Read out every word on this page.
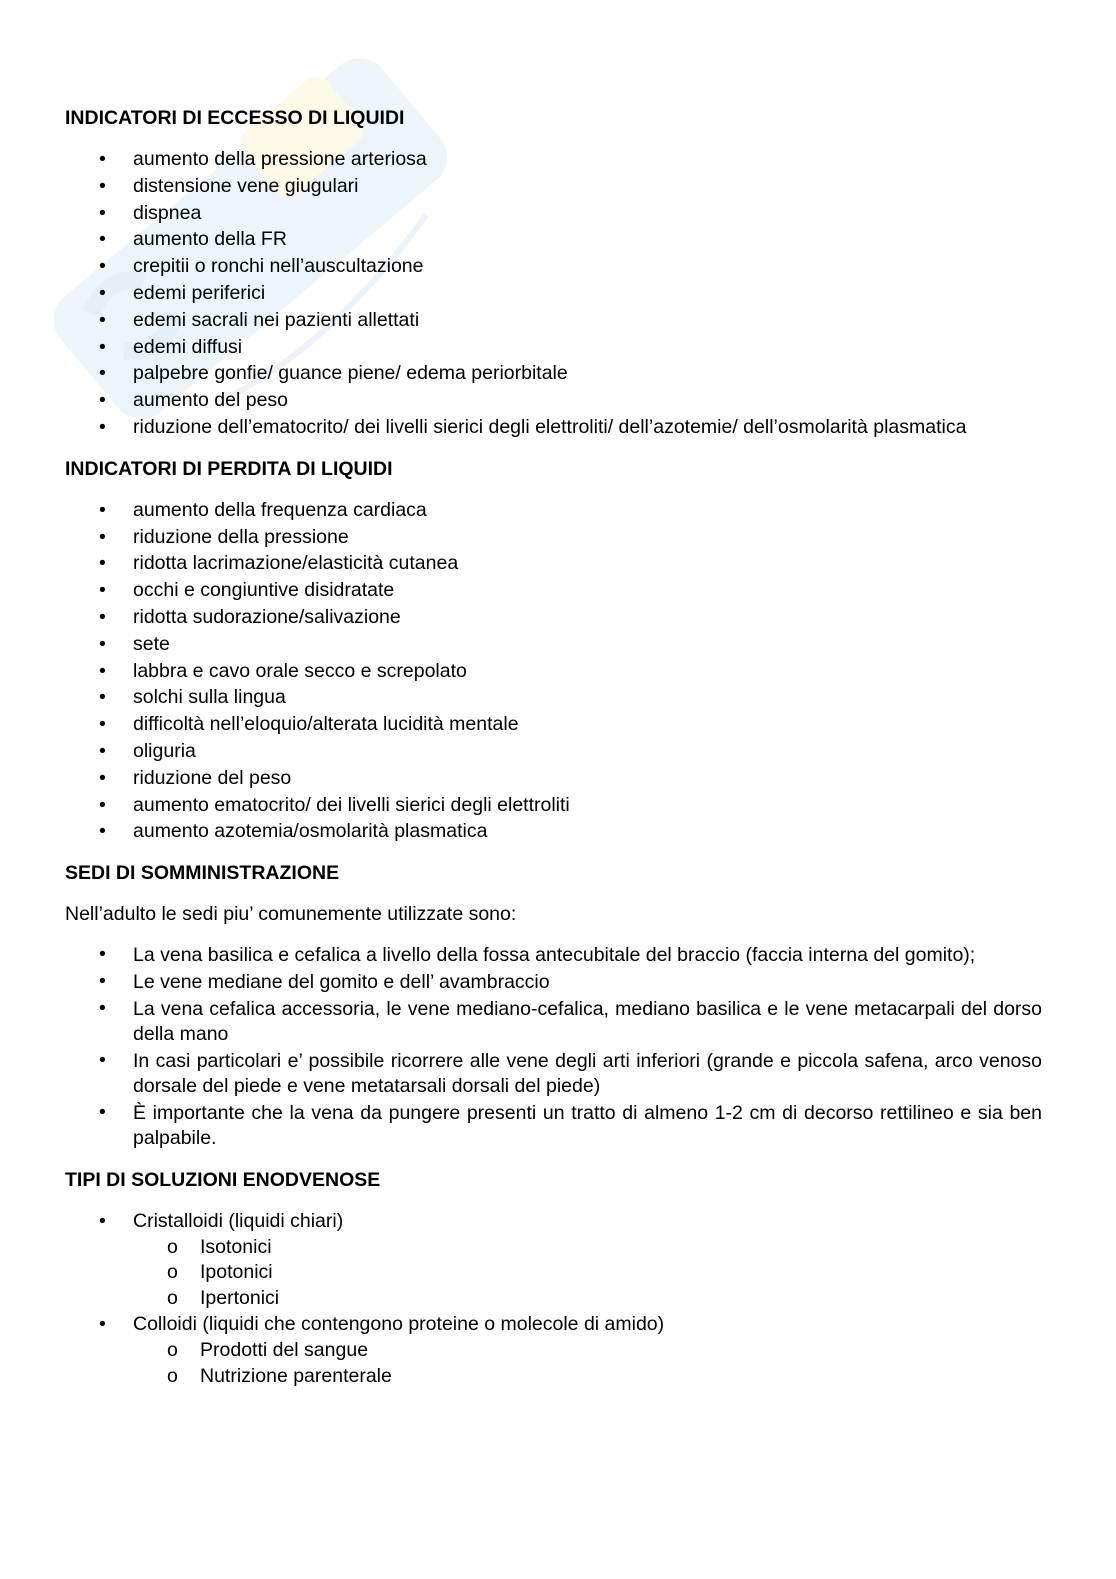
INDICATORI DI ECCESSO DI LIQUIDI
• aumento della pressione arteriosa
• distensione vene giugulari
• dispnea
• aumento della FR
• crepitii o ronchi nell’auscultazione
• edemi periferici
• edemi sacrali nei pazienti allettati
• edemi diffusi
• palpebre gonfie/ guance piene/ edema periorbitale
• aumento del peso
• riduzione dell’ematocrito/ dei livelli sierici degli elettroliti/ dell’azotemie/ dell’osmolarità plasmatica
INDICATORI DI PERDITA DI LIQUIDI
• aumento della frequenza cardiaca
• riduzione della pressione
• ridotta lacrimazione/elasticità cutanea
• occhi e congiuntive disidratate
• ridotta sudorazione/salivazione
• sete
• labbra e cavo orale secco e screpolato
• solchi sulla lingua
• difficoltà nell’eloquio/alterata lucidità mentale
• oliguria
• riduzione del peso
• aumento ematocrito/ dei livelli sierici degli elettroliti
• aumento azotemia/osmolarità plasmatica
SEDI DI SOMMINISTRAZIONE

Nell’adulto le sedi piu’ comunemente utilizzate sono:

• La vena basilica e cefalica a livello della fossa antecubitale del braccio (faccia interna del gomito);
• Le vene mediane del gomito e dell’ avambraccio
• La vena cefalica accessoria, le vene mediano-cefalica, mediano basilica e le vene metacarpali del dorso della mano
• In casi particolari e’ possibile ricorrere alle vene degli arti inferiori (grande e piccola safena, arco venoso dorsale del piede e vene metatarsali dorsali del piede)
• È importante che la vena da pungere presenti un tratto di almeno 1-2 cm di decorso rettilineo e sia ben palpabile.
TIPI DI SOLUZIONI ENODVENOSE
• Cristalloidi (liquidi chiari)
o Isotonici
o Ipotonici
o Ipertonici
• Colloidi (liquidi che contengono proteine o molecole di amido)
o Prodotti del sangue
o Nutrizione parenterale
